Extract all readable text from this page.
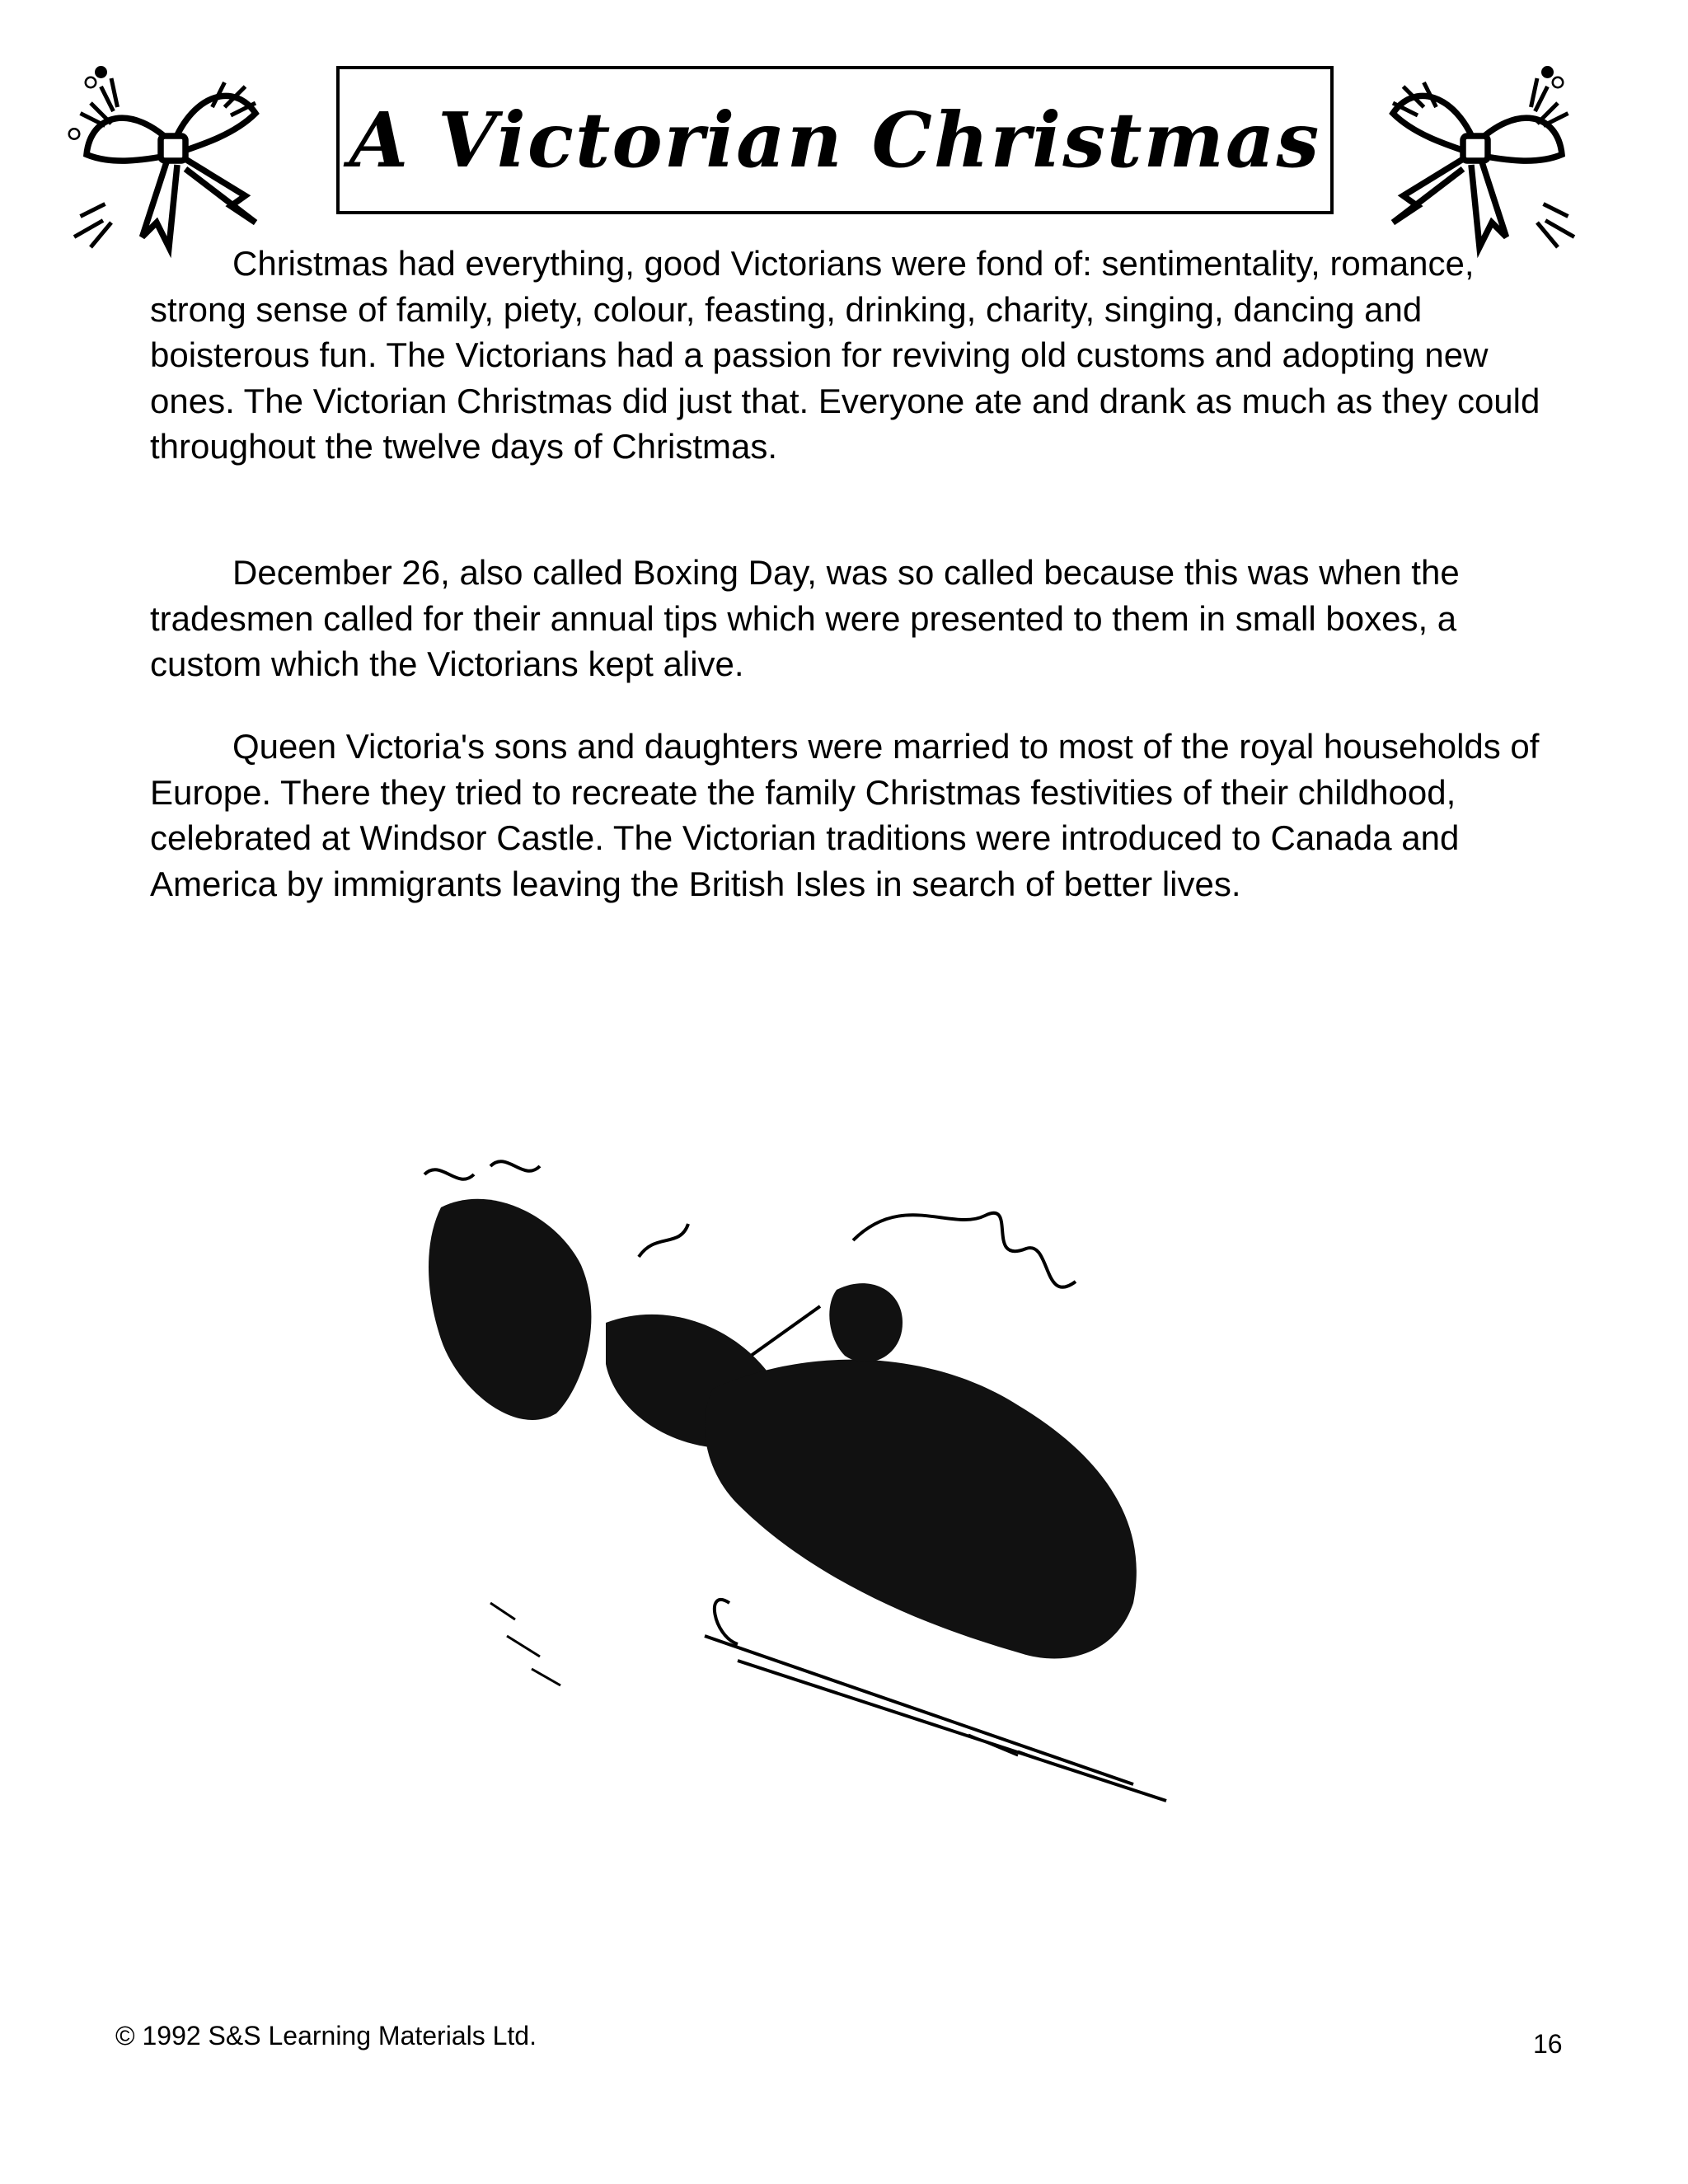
A Victorian Christmas

Christmas had everything, good Victorians were fond of: sentimentality, romance, strong sense of family, piety, colour, feasting, drinking, charity, singing, dancing and boisterous fun. The Victorians had a passion for reviving old customs and adopting new ones. The Victorian Christmas did just that. Everyone ate and drank as much as they could throughout the twelve days of Christmas.

December 26, also called Boxing Day, was so called because this was when the tradesmen called for their annual tips which were presented to them in small boxes, a custom which the Victorians kept alive.

Queen Victoria's sons and daughters were married to most of the royal households of Europe. There they tried to recreate the family Christmas festivities of their childhood, celebrated at Windsor Castle. The Victorian traditions were introduced to Canada and America by immigrants leaving the British Isles in search of better lives.

© 1992 S&S Learning Materials Ltd.	16
